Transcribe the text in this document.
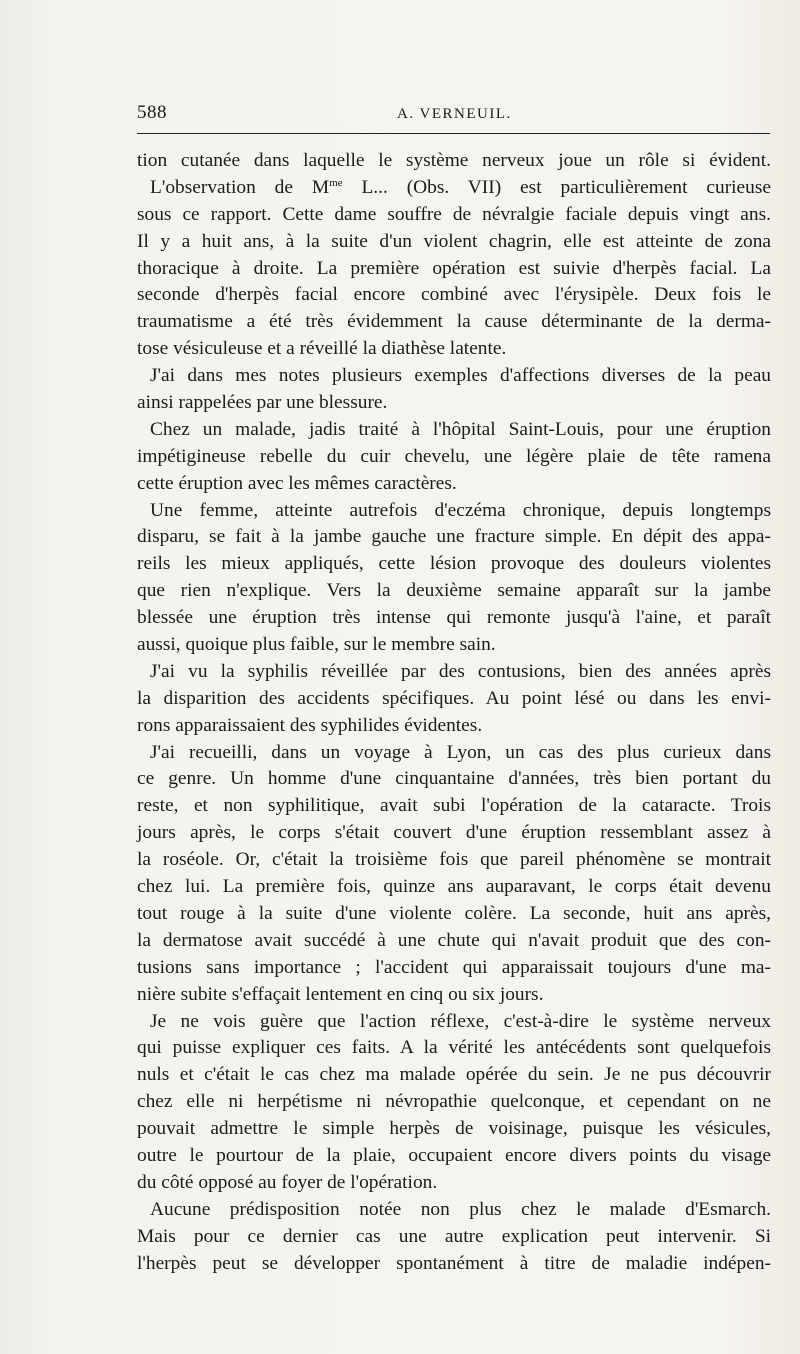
588	A. VERNEUIL.
tion cutanée dans laquelle le système nerveux joue un rôle si évident.
L'observation de $M^{me}$ L... (Obs. VII) est particulièrement curieuse
sous ce rapport. Cette dame souffre de névralgie faciale depuis vingt ans.
Il y a huit ans, à la suite d'un violent chagrin, elle est atteinte de zona
thoracique à droite. La première opération est suivie d'herpès facial. La
seconde d'herpès facial encore combiné avec l'érysipèle. Deux fois le
traumatisme a été très évidemment la cause déterminante de la derma-
tose vésiculeuse et a réveillé la diathèse latente.
J'ai dans mes notes plusieurs exemples d'affections diverses de la peau
ainsi rappelées par une blessure.
Chez un malade, jadis traité à l'hôpital Saint-Louis, pour une éruption
impétigineuse rebelle du cuir chevelu, une légère plaie de tête ramena
cette éruption avec les mêmes caractères.
Une femme, atteinte autrefois d'eczéma chronique, depuis longtemps
disparu, se fait à la jambe gauche une fracture simple. En dépit des appa-
reils les mieux appliqués, cette lésion provoque des douleurs violentes
que rien n'explique. Vers la deuxième semaine apparaît sur la jambe
blessée une éruption très intense qui remonte jusqu'à l'aine, et paraît
aussi, quoique plus faible, sur le membre sain.
J'ai vu la syphilis réveillée par des contusions, bien des années après
la disparition des accidents spécifiques. Au point lésé ou dans les envi-
rons apparaissaient des syphilides évidentes.
J'ai recueilli, dans un voyage à Lyon, un cas des plus curieux dans
ce genre. Un homme d'une cinquantaine d'années, très bien portant du
reste, et non syphilitique, avait subi l'opération de la cataracte. Trois
jours après, le corps s'était couvert d'une éruption ressemblant assez à
la roséole. Or, c'était la troisième fois que pareil phénomène se montrait
chez lui. La première fois, quinze ans auparavant, le corps était devenu
tout rouge à la suite d'une violente colère. La seconde, huit ans après,
la dermatose avait succédé à une chute qui n'avait produit que des con-
tusions sans importance ; l'accident qui apparaissait toujours d'une ma-
nière subite s'effaçait lentement en cinq ou six jours.
Je ne vois guère que l'action réflexe, c'est-à-dire le système nerveux
qui puisse expliquer ces faits. A la vérité les antécédents sont quelquefois
nuls et c'était le cas chez ma malade opérée du sein. Je ne pus découvrir
chez elle ni herpétisme ni névropathie quelconque, et cependant on ne
pouvait admettre le simple herpès de voisinage, puisque les vésicules,
outre le pourtour de la plaie, occupaient encore divers points du visage
du côté opposé au foyer de l'opération.
Aucune prédisposition notée non plus chez le malade d'Esmarch.
Mais pour ce dernier cas une autre explication peut intervenir. Si
l'herpès peut se développer spontanément à titre de maladie indépen-
